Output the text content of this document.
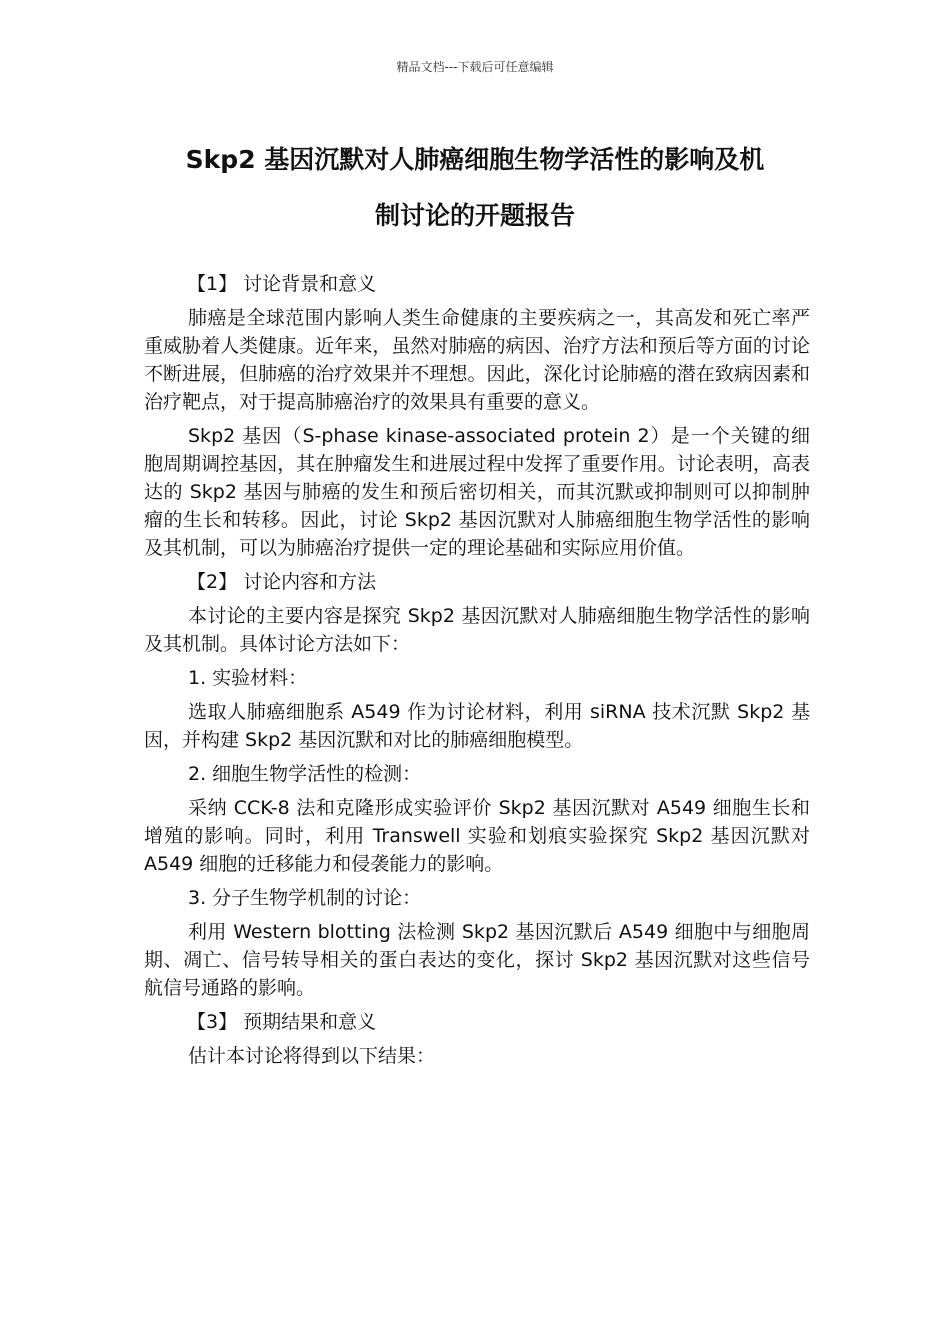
精品文档---下载后可任意编辑
Skp2 基因沉默对人肺癌细胞生物学活性的影响及机
制讨论的开题报告
【1】 讨论背景和意义

肺癌是全球范围内影响人类生命健康的主要疾病之一，其高发和死亡率严重威胁着人类健康。近年来，虽然对肺癌的病因、治疗方法和预后等方面的讨论不断进展，但肺癌的治疗效果并不理想。因此，深化讨论肺癌的潜在致病因素和治疗靶点，对于提高肺癌治疗的效果具有重要的意义。

Skp2 基因（S-phase kinase-associated protein 2）是一个关键的细胞周期调控基因，其在肿瘤发生和进展过程中发挥了重要作用。讨论表明，高表达的 Skp2 基因与肺癌的发生和预后密切相关，而其沉默或抑制则可以抑制肿瘤的生长和转移。因此，讨论 Skp2 基因沉默对人肺癌细胞生物学活性的影响及其机制，可以为肺癌治疗提供一定的理论基础和实际应用价值。

【2】 讨论内容和方法

本讨论的主要内容是探究 Skp2 基因沉默对人肺癌细胞生物学活性的影响及其机制。具体讨论方法如下：

1. 实验材料：

选取人肺癌细胞系 A549 作为讨论材料，利用 siRNA 技术沉默 Skp2 基因，并构建 Skp2 基因沉默和对比的肺癌细胞模型。

2. 细胞生物学活性的检测：

采纳 CCK-8 法和克隆形成实验评价 Skp2 基因沉默对 A549 细胞生长和增殖的影响。同时，利用 Transwell 实验和划痕实验探究 Skp2 基因沉默对 A549 细胞的迁移能力和侵袭能力的影响。

3. 分子生物学机制的讨论：

利用 Western blotting 法检测 Skp2 基因沉默后 A549 细胞中与细胞周期、凋亡、信号转导相关的蛋白表达的变化，探讨 Skp2 基因沉默对这些信号航信号通路的影响。

【3】 预期结果和意义

估计本讨论将得到以下结果：
